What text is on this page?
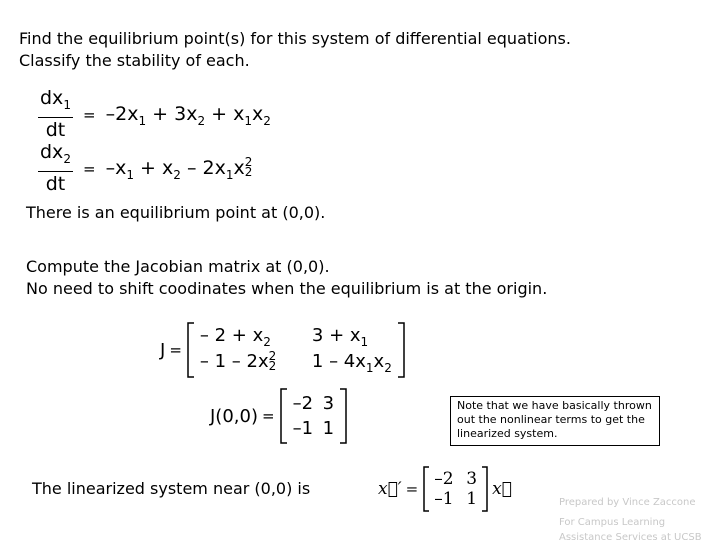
Find the equilibrium point(s) for this system of differential equations.
Classify the stability of each.
$\frac{dx_1}{dt} = -2x_1 + 3x_2 + x_1x_2$
$\frac{dx_2}{dt} = -x_1 + x_2 - 2x_1x$ 2
2
There is an equilibrium point at (0,0).
Compute the Jacobian matrix at (0,0).
No need to shift coodinates when the equilibrium is at the origin.
J =
– $2 + x_2$	$3 + x_1$
– 1 – 2x 2
2 $1 - 4x_1x_2$
J(0,0) =
–2 3
–1 1
Note that we have basically thrown out the nonlinear terms to get the linearized system.
The linearized system near (0,0) is	x⃗′ = –2 3
–1 1 x⃗
Prepared by Vince Zaccone
For Campus Learning
Assistance Services at UCSB
